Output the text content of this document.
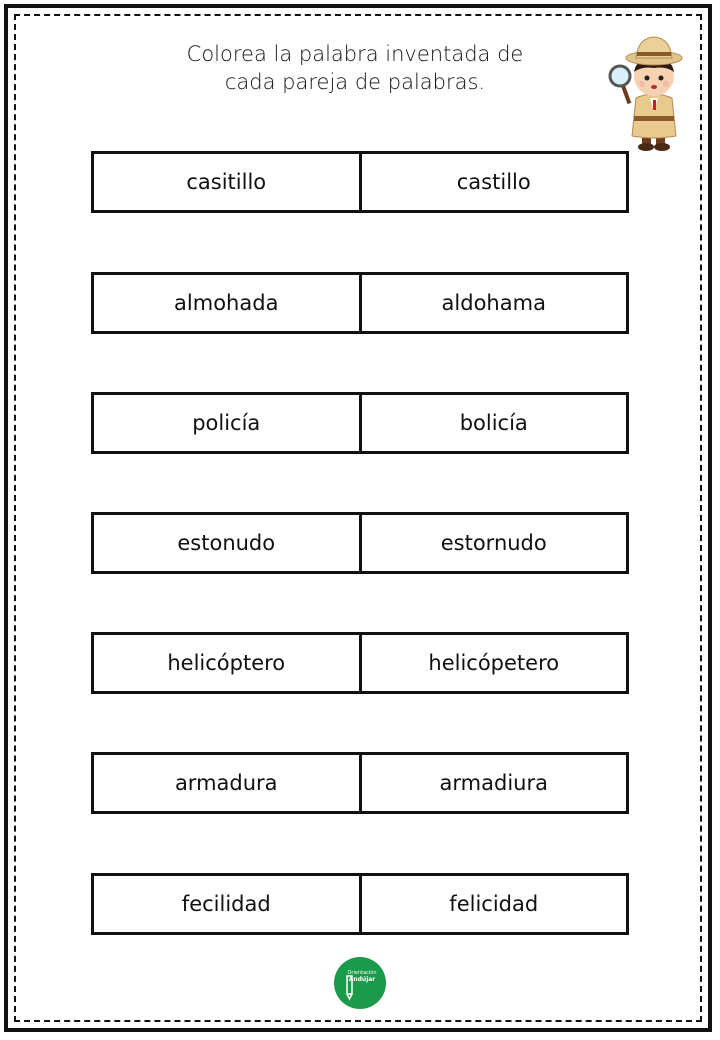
Colorea la palabra inventada de
cada pareja de palabras.
casitillo	castillo
almohada	aldohama
policía	bolicía
estonudo	estornudo
helicóptero	helicópetero
armadura	armadiura
fecilidad	felicidad
Orientación
Andújar
